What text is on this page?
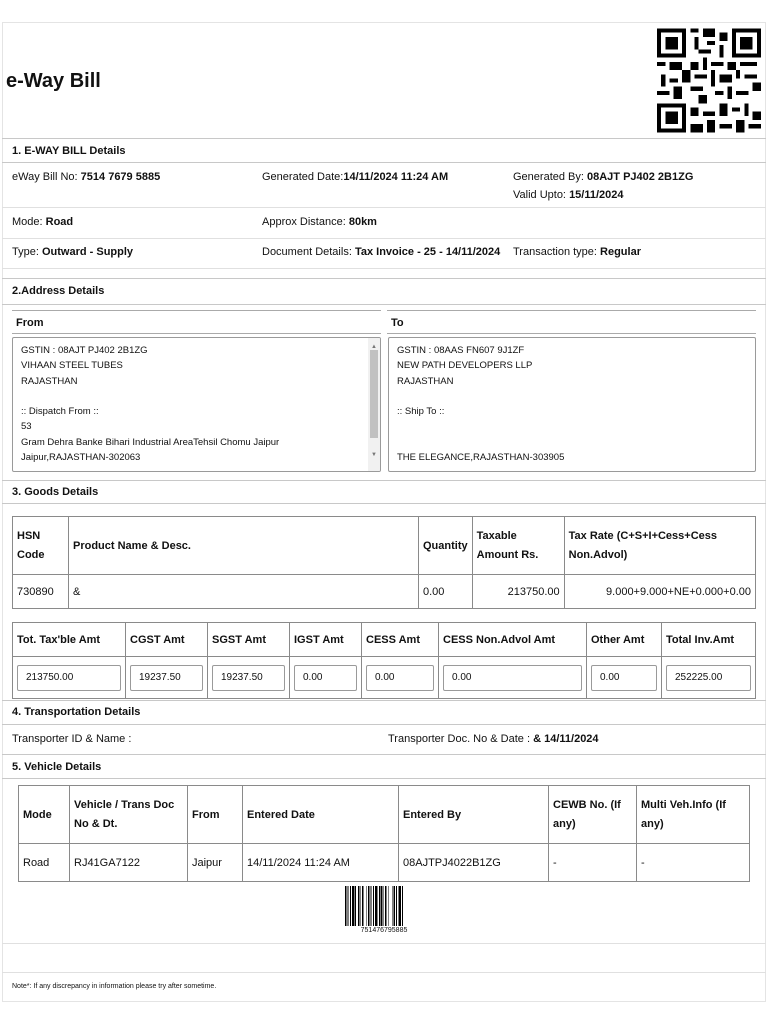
e-Way Bill
1. E-WAY BILL Details
eWay Bill No: 7514 7679 5885	Generated Date:14/11/2024 11:24 AM	Generated By: 08AJT PJ402 2B1ZG
Valid Upto: 15/11/2024
Mode: Road	Approx Distance: 80km
Type: Outward - Supply	Document Details: Tax Invoice - 25 - 14/11/2024 Transaction type: Regular
2.Address Details
From	To
GSTIN : 08AJT PJ402 2B1ZG
VIHAAN STEEL TUBES
RAJASTHAN
:: Dispatch From ::
53
Gram Dehra Banke Bihari Industrial AreaTehsil Chomu Jaipur
Jaipur,RAJASTHAN-302063
▲
▼
GSTIN : 08AAS FN607 9J1ZF
NEW PATH DEVELOPERS LLP
RAJASTHAN
:: Ship To ::
THE ELEGANCE,RAJASTHAN-303905
3. Goods Details
HSN Code	Product Name & Desc.	Quantity	Taxable Amount Rs.	Tax Rate (C+S+I+Cess+Cess Non.Advol)
730890	&	0.00	213750.00	9.000+9.000+NE+0.000+0.00
Tot. Tax'ble Amt	CGST Amt	SGST Amt	IGST Amt	CESS Amt	CESS Non.Advol Amt	Other Amt	Total Inv.Amt

213750.00	19237.50	19237.50	0.00	0.00	0.00	0.00	252225.00
4. Transportation Details
Transporter ID & Name :	Transporter Doc. No & Date : & 14/11/2024
5. Vehicle Details
Mode	Vehicle / Trans Doc No & Dt.	From	Entered Date	Entered By	CEWB No. (If any)	Multi Veh.Info (If any)
Road	RJ41GA7122	Jaipur	14/11/2024 11:24 AM	08AJTPJ4022B1ZG	-	-
751476795885
Note*: If any discrepancy in information please try after sometime.
